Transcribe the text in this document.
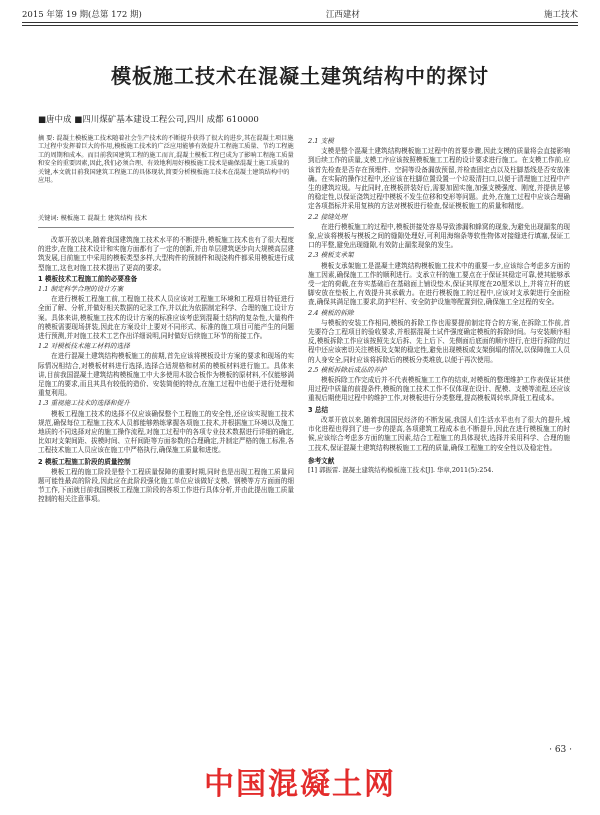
2015 年第 19 期(总第 172 期)	江西建材	施工技术
模板施工技术在混凝土建筑结构中的探讨
■唐中成 ■四川煤矿基本建设工程公司,四川 成都 610000
摘 要: 混凝土模板施工技术随着社会生产技术的不断提升获得了很大的进步,其在混凝土项目施工过程中发挥着巨大的作用,模板施工技术的广泛应用能够有效提升工程施工质量、节约工程施工的周期和成本。而目前我国建筑工程的施工而言,混凝土模板工程已成为了影响工程施工质量和安全的重要因素,因此,我们必须合理、有效地利用好模板施工技术是确保混凝土施工质量的关键,本文就目前我国建筑工程施工的具体现状,简要分析模板施工技术在混凝土建筑结构中的应用。
关键词: 模板施工 混凝土 建筑结构 技术

改革开放以来,随着我国建筑施工技术水平的不断提升,模板施工技术也有了很大程度的进步,在施工技术设计和实施方面都有了一定的创新,并由单层建筑逐步向大规模高层建筑发展,目前施工中采用的模板类型多样,大型构件的预制件和现浇构件都采用模板进行成型施工,这也对施工技术提出了更高的要求。

1 模板技术工程施工前的必要准备
1.1 制定科学合理的设计方案

在进行模板工程施工前,工程施工技术人员应该对工程施工环境和工程项目特征进行全面了解、分析,并做好相关数据的记录工作,并以此为依据制定科学、合理的施工设计方案。具体来讲,模板施工技术的设计方案的标准应该考虑到混凝土结构的复杂性,大量构件的模板需要现场拼装,因此在方案设计上要对不同形式、标准的施工项目可能产生的问题进行预测,并对施工技术工艺作出详细说明,同时做好后续施工环节的衔接工作。

1.2 对模板技术施工材料的选择

在进行混凝土建筑结构模板施工的前期,首先应该将模板设计方案的要求和现场的实际情况相结合,对模板材料进行选择,选择合适规格和材质的模板材料进行施工。具体来讲,目前我国混凝土建筑结构模板施工中大多使用木胶合板作为模板的原材料,不仅能够满足施工的要求,而且其具有较低的造价、安装简便的特点,在施工过程中也便于进行处理和重复利用。

1.3 重视施工技术的选择和提升

模板工程施工技术的选择不仅应该确保整个工程施工的安全性,还应该实现施工技术规范,确保每位工程施工技术人员都能够熟练掌握各项施工技术,并根据施工环境以及施工地质的不同选择对应的施工操作流程,对施工过程中的各项专业技术数据进行详细的确定,比如对支架间距、拔模时间、立杆间距等方面参数的合理确定,并制定严格的施工标准,各工程技术施工人员应该在施工中严格执行,确保施工质量和进度。

2 模板工程施工阶段的质量控制

模板工程的施工阶段是整个工程质量保障的重要时期,同时也是出现工程施工质量问题可能性最高的阶段,因此应在此阶段强化施工单位应该做好支模、钢模等方方面面的细节工作,下面就目前我国模板工程施工阶段的各项工作进行具体分析,并由此提出施工质量控制的相关注意事项。

2.1 支模

支模是整个混凝土建筑结构模板施工过程中的首要步骤,因此支模的质量将会直接影响到后续工作的质量,支模工序应该按照模板施工工程的设计要求进行施工。在支模工作前,应该首先检查是否存在预埋件、空洞等设备漏放预留,并检查固定点以及柱脚基线是否安放准确。在实际的操作过程中,还应该在柱脚位置设置一个垃圾清扫口,以便于清理施工过程中产生的建筑垃圾。与此同时,在模板拼装好后,需要加固实施,加强支模强度、刚度,并提供足够的稳定性,以保证浇筑过程中模板不发生位移和变形等问题。此外,在施工过程中应该合理确定各项指标并采用复核的方法对模板进行检查,保证模板施工的质量和精度。

2.2 接缝处理

在进行模板施工的过程中,模板拼接处容易导致渗漏和蜂窝的现象,为避免出现漏浆的现象,应该将模板与模板之间的缝隙处理好,可利用海绵条等软性物体对接缝进行填塞,保证工口的平整,避免出现缝隙,有效防止漏浆现象的发生。

2.3 模板支承架

模板支承架施工是混凝土建筑结构模板施工技术中的重要一步,应该综合考虑多方面的施工因素,确保施工工作的顺利进行。支承立杆的施工要点在于保证其稳定可靠,使其能够承受一定的荷载,在夯实基础后在基础面上铺设垫木,保证其厚度在20厘米以上,并将立杆的底脚安放在垫板上,有效提升其承载力。在进行模板施工的过程中,应该对支承架进行全面检查,确保其满足施工要求,防护栏杆、安全防护设施等配置到位,确保施工全过程的安全。

2.4 模板的拆除

与模板的安装工作相同,模板的拆除工作也需要提前制定符合的方案,在拆除工作前,首先要符合工程项目的验收要求,并根据混凝土试件强度确定模板的拆除时间。与安装顺序相反,模板拆除工作应该按照先支后拆、先上后下、先侧面后底面的顺序进行,在进行拆除的过程中还应该密切关注模板及支架的稳定性,避免出现模板或支架倒塌的情况,以保障施工人员的人身安全,同时应该将拆除后的模板分类堆放,以便于再次使用。

2.5 模板拆除后成品的养护

模板拆除工作完成后并不代表模板施工工作的结束,对模板的整理维护工作表保证其使用过程中质量的前提条件,模板的施工技术工作不仅体现在设计、配模、支模等流程,还应该重视后期使用过程中的维护工作,对模板进行分类整理,提高模板周转率,降低工程成本。

3 总结

改革开放以来,随着我国国民经济的不断发展,我国人们生活水平也有了很大的提升,城市化进程也得到了进一步的提高,各项建筑工程成本也不断提升,因此在进行模板施工的时候,应该综合考虑多方面的施工因素,结合工程施工的具体现状,选择并采用科学、合理的施工技术,保证混凝土建筑结构模板施工工程的质量,确保工程施工的安全性以及稳定性。

参考文献
[1] 郭振雷. 混凝土建筑结构模板施工技术[J]. 华章,2011(5):254.
· 63 ·
中国混凝土网
